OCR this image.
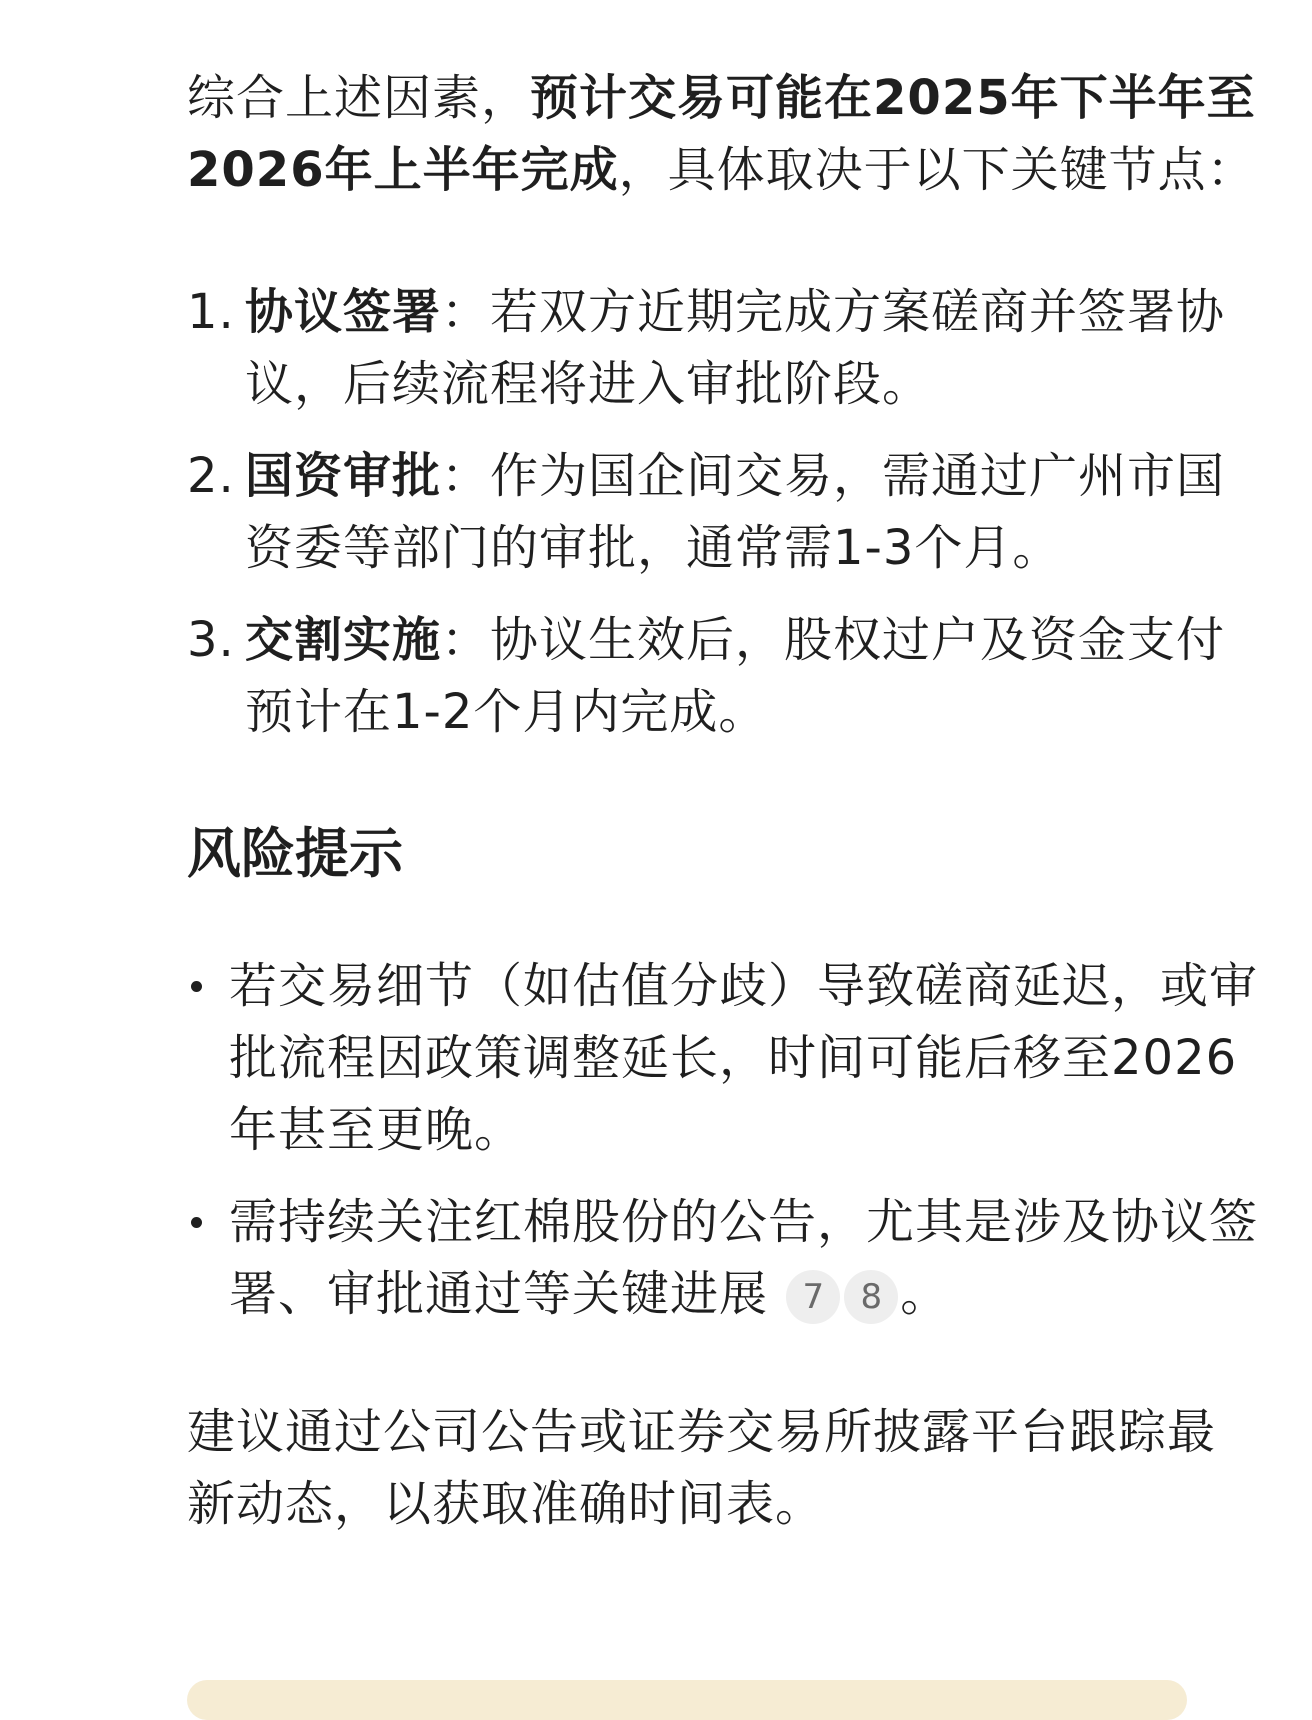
综合上述因素，预计交易可能在2025年下半年至2026年上半年完成，具体取决于以下关键节点：

1. 协议签署：若双方近期完成方案磋商并签署协议，后续流程将进入审批阶段。
2. 国资审批：作为国企间交易，需通过广州市国资委等部门的审批，通常需1-3个月。
3. 交割实施：协议生效后，股权过户及资金支付预计在1-2个月内完成。
风险提示
若交易细节（如估值分歧）导致磋商延迟，或审批流程因政策调整延长，时间可能后移至2026年甚至更晚。
需持续关注红棉股份的公告，尤其是涉及协议签署、审批通过等关键进展 7 8 。

建议通过公司公告或证券交易所披露平台跟踪最新动态，以获取准确时间表。
